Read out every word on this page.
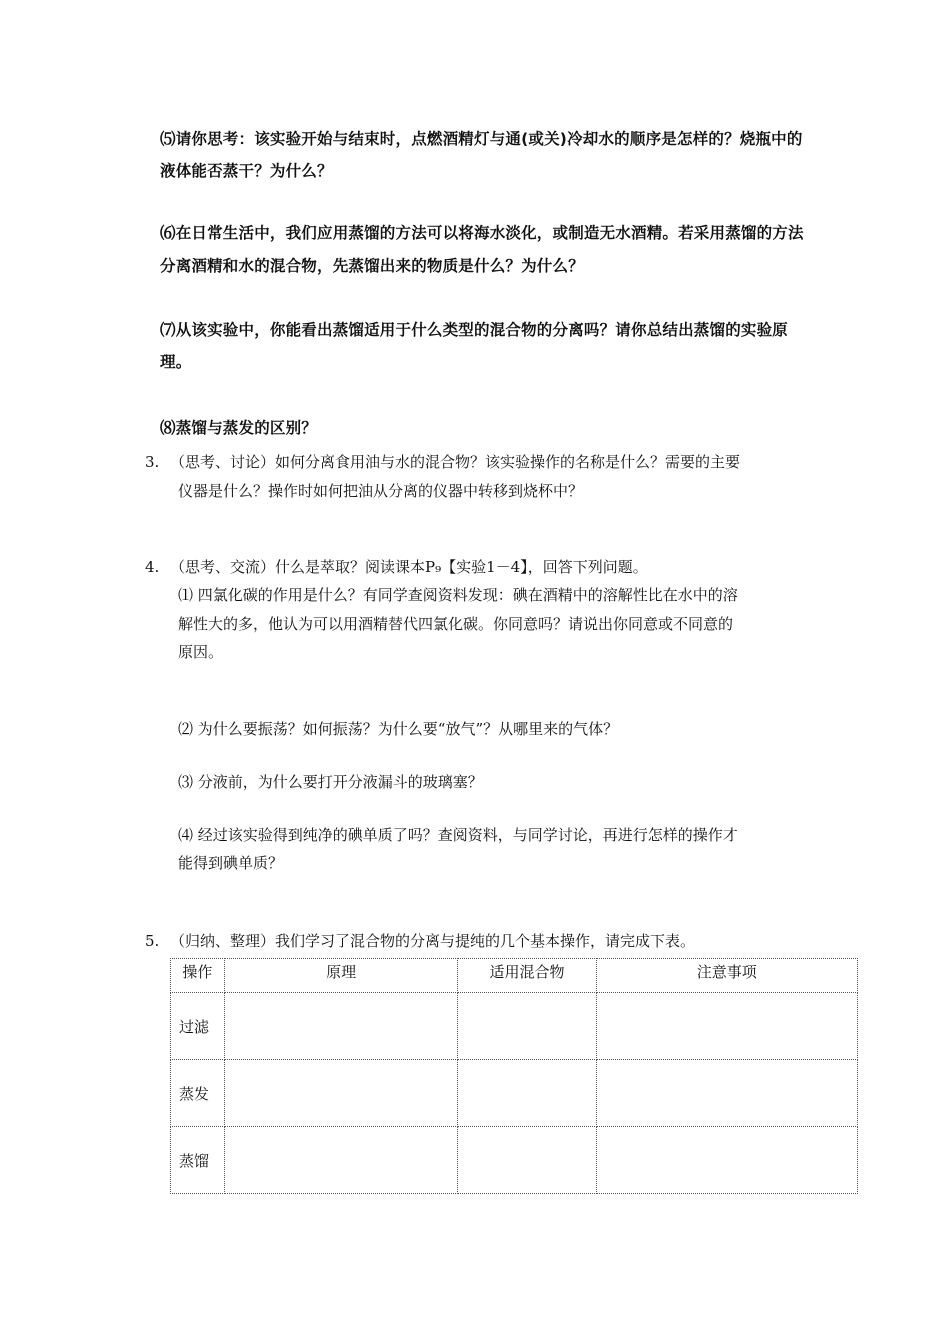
⑸请你思考：该实验开始与结束时，点燃酒精灯与通(或关)冷却水的顺序是怎样的？烧瓶中的
液体能否蒸干？为什么？
⑹在日常生活中，我们应用蒸馏的方法可以将海水淡化，或制造无水酒精。若采用蒸馏的方法
分离酒精和水的混合物，先蒸馏出来的物质是什么？为什么？
⑺从该实验中，你能看出蒸馏适用于什么类型的混合物的分离吗？请你总结出蒸馏的实验原
理。
⑻蒸馏与蒸发的区别？
3. （思考、讨论）如何分离食用油与水的混合物？该实验操作的名称是什么？需要的主要
仪器是什么？操作时如何把油从分离的仪器中转移到烧杯中？
4. （思考、交流）什么是萃取？阅读课本P₉【实验1－4】，回答下列问题。
⑴ 四氯化碳的作用是什么？有同学查阅资料发现：碘在酒精中的溶解性比在水中的溶
解性大的多，他认为可以用酒精替代四氯化碳。你同意吗？请说出你同意或不同意的
原因。
⑵ 为什么要振荡？如何振荡？为什么要“放气”？从哪里来的气体？
⑶ 分液前，为什么要打开分液漏斗的玻璃塞？
⑷ 经过该实验得到纯净的碘单质了吗？查阅资料，与同学讨论，再进行怎样的操作才
能得到碘单质？
5. （归纳、整理）我们学习了混合物的分离与提纯的几个基本操作，请完成下表。
操作	原理	适用混合物	注意事项
过滤			
蒸发			
蒸馏			
